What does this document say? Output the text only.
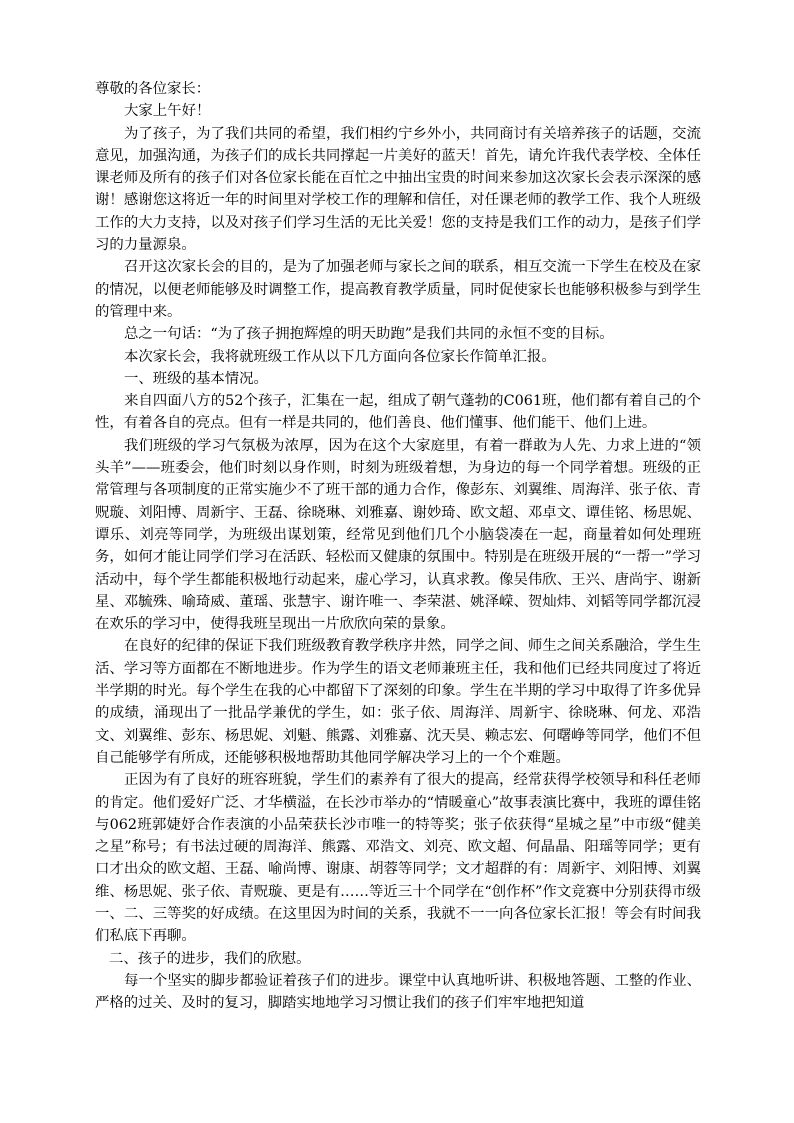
尊敬的各位家长：

大家上午好！

为了孩子，为了我们共同的希望，我们相约宁乡外小，共同商讨有关培养孩子的话题，交流意见，加强沟通，为孩子们的成长共同撑起一片美好的蓝天！首先，请允许我代表学校、全体任课老师及所有的孩子们对各位家长能在百忙之中抽出宝贵的时间来参加这次家长会表示深深的感谢！感谢您这将近一年的时间里对学校工作的理解和信任，对任课老师的教学工作、我个人班级工作的大力支持，以及对孩子们学习生活的无比关爱！您的支持是我们工作的动力，是孩子们学习的力量源泉。

召开这次家长会的目的，是为了加强老师与家长之间的联系，相互交流一下学生在校及在家的情况，以便老师能够及时调整工作，提高教育教学质量，同时促使家长也能够积极参与到学生的管理中来。

总之一句话：“为了孩子拥抱辉煌的明天助跑”是我们共同的永恒不变的目标。

本次家长会，我将就班级工作从以下几方面向各位家长作简单汇报。

一、班级的基本情况。

来自四面八方的52个孩子，汇集在一起，组成了朝气蓬勃的C061班，他们都有着自己的个性，有着各自的亮点。但有一样是共同的，他们善良、他们懂事、他们能干、他们上进。

我们班级的学习气氛极为浓厚，因为在这个大家庭里，有着一群敢为人先、力求上进的“领头羊”——班委会，他们时刻以身作则，时刻为班级着想，为身边的每一个同学着想。班级的正常管理与各项制度的正常实施少不了班干部的通力合作，像彭东、刘翼维、周海洋、张子依、青贶璇、刘阳博、周新宇、王磊、徐晓琳、刘雅嘉、谢妙琦、欧文超、邓卓文、谭佳铭、杨思妮、谭乐、刘亮等同学，为班级出谋划策，经常见到他们几个小脑袋凑在一起，商量着如何处理班务，如何才能让同学们学习在活跃、轻松而又健康的氛围中。特别是在班级开展的“一帮一”学习活动中，每个学生都能积极地行动起来，虚心学习，认真求教。像吴伟欣、王兴、唐尚宇、谢新星、邓毓殊、喻琦威、董瑶、张慧宇、谢许唯一、李荣湛、姚泽嵘、贺灿炜、刘韬等同学都沉浸在欢乐的学习中，使得我班呈现出一片欣欣向荣的景象。

在良好的纪律的保证下我们班级教育教学秩序井然，同学之间、师生之间关系融洽，学生生活、学习等方面都在不断地进步。作为学生的语文老师兼班主任，我和他们已经共同度过了将近半学期的时光。每个学生在我的心中都留下了深刻的印象。学生在半期的学习中取得了许多优异的成绩，涌现出了一批品学兼优的学生，如：张子依、周海洋、周新宇、徐晓琳、何龙、邓浩文、刘翼维、彭东、杨思妮、刘魁、熊露、刘雅嘉、沈天昊、赖志宏、何曙峥等同学，他们不但自己能够学有所成，还能够积极地帮助其他同学解决学习上的一个个难题。

正因为有了良好的班容班貌，学生们的素养有了很大的提高，经常获得学校领导和科任老师的肯定。他们爱好广泛、才华横溢，在长沙市举办的“情暖童心”故事表演比赛中，我班的谭佳铭与062班郭婕妤合作表演的小品荣获长沙市唯一的特等奖；张子依获得“星城之星”中市级“健美之星”称号；有书法过硬的周海洋、熊露、邓浩文、刘亮、欧文超、何晶晶、阳瑶等同学；更有口才出众的欧文超、王磊、喻尚博、谢康、胡蓉等同学；文才超群的有：周新宇、刘阳博、刘翼维、杨思妮、张子依、青贶璇、更是有……等近三十个同学在“创作杯”作文竞赛中分别获得市级一、二、三等奖的好成绩。在这里因为时间的关系，我就不一一向各位家长汇报！等会有时间我们私底下再聊。

二、孩子的进步，我们的欣慰。

每一个坚实的脚步都验证着孩子们的进步。课堂中认真地听讲、积极地答题、工整的作业、严格的过关、及时的复习，脚踏实地地学习习惯让我们的孩子们牢牢地把知道
